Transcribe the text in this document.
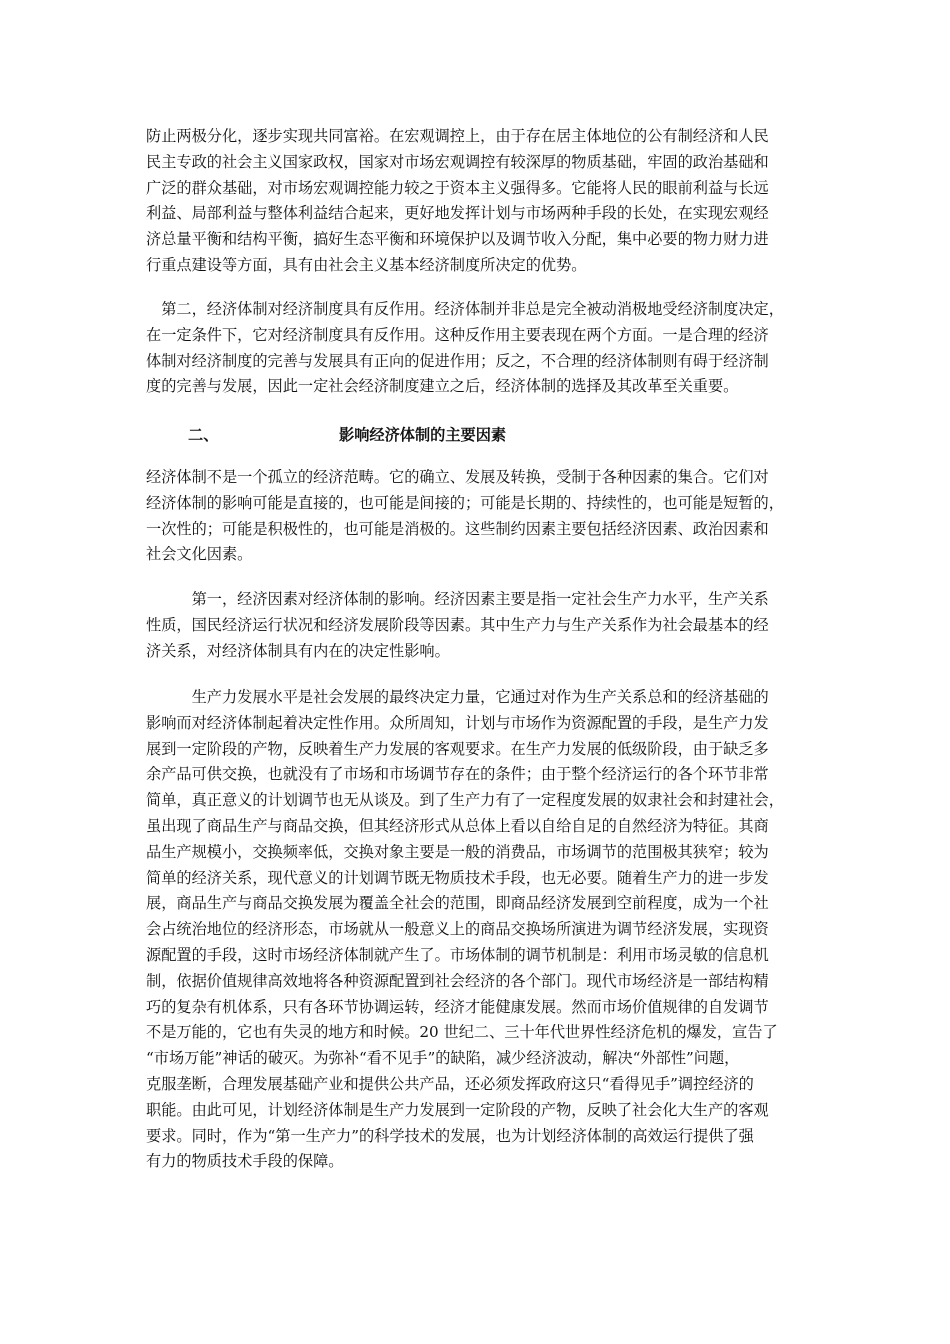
防止两极分化，逐步实现共同富裕。在宏观调控上，由于存在居主体地位的公有制经济和人民
民主专政的社会主义国家政权，国家对市场宏观调控有较深厚的物质基础，牢固的政治基础和
广泛的群众基础，对市场宏观调控能力较之于资本主义强得多。它能将人民的眼前利益与长远
利益、局部利益与整体利益结合起来，更好地发挥计划与市场两种手段的长处，在实现宏观经
济总量平衡和结构平衡，搞好生态平衡和环境保护以及调节收入分配，集中必要的物力财力进
行重点建设等方面，具有由社会主义基本经济制度所决定的优势。
　第二，经济体制对经济制度具有反作用。经济体制并非总是完全被动消极地受经济制度决定，
在一定条件下，它对经济制度具有反作用。这种反作用主要表现在两个方面。一是合理的经济
体制对经济制度的完善与发展具有正向的促进作用；反之，不合理的经济体制则有碍于经济制
度的完善与发展，因此一定社会经济制度建立之后，经济体制的选择及其改革至关重要。
二、	影响经济体制的主要因素
经济体制不是一个孤立的经济范畴。它的确立、发展及转换，受制于各种因素的集合。它们对
经济体制的影响可能是直接的，也可能是间接的；可能是长期的、持续性的，也可能是短暂的，
一次性的；可能是积极性的，也可能是消极的。这些制约因素主要包括经济因素、政治因素和
社会文化因素。
　　　第一，经济因素对经济体制的影响。经济因素主要是指一定社会生产力水平，生产关系
性质，国民经济运行状况和经济发展阶段等因素。其中生产力与生产关系作为社会最基本的经
济关系，对经济体制具有内在的决定性影响。
　　　生产力发展水平是社会发展的最终决定力量，它通过对作为生产关系总和的经济基础的
影响而对经济体制起着决定性作用。众所周知，计划与市场作为资源配置的手段，是生产力发
展到一定阶段的产物，反映着生产力发展的客观要求。在生产力发展的低级阶段，由于缺乏多
余产品可供交换，也就没有了市场和市场调节存在的条件；由于整个经济运行的各个环节非常
简单，真正意义的计划调节也无从谈及。到了生产力有了一定程度发展的奴隶社会和封建社会，
虽出现了商品生产与商品交换，但其经济形式从总体上看以自给自足的自然经济为特征。其商
品生产规模小，交换频率低，交换对象主要是一般的消费品，市场调节的范围极其狭窄；较为
简单的经济关系，现代意义的计划调节既无物质技术手段，也无必要。随着生产力的进一步发
展，商品生产与商品交换发展为覆盖全社会的范围，即商品经济发展到空前程度，成为一个社
会占统治地位的经济形态，市场就从一般意义上的商品交换场所演进为调节经济发展，实现资
源配置的手段，这时市场经济体制就产生了。市场体制的调节机制是：利用市场灵敏的信息机
制，依据价值规律高效地将各种资源配置到社会经济的各个部门。现代市场经济是一部结构精
巧的复杂有机体系，只有各环节协调运转，经济才能健康发展。然而市场价值规律的自发调节
不是万能的，它也有失灵的地方和时候。20 世纪二、三十年代世界性经济危机的爆发，宣告了
“市场万能”神话的破灭。为弥补“看不见手”的缺陷，减少经济波动，解决“外部性”问题，
克服垄断，合理发展基础产业和提供公共产品，还必须发挥政府这只“看得见手”调控经济的
职能。由此可见，计划经济体制是生产力发展到一定阶段的产物，反映了社会化大生产的客观
要求。同时，作为“第一生产力”的科学技术的发展，也为计划经济体制的高效运行提供了强
有力的物质技术手段的保障。
